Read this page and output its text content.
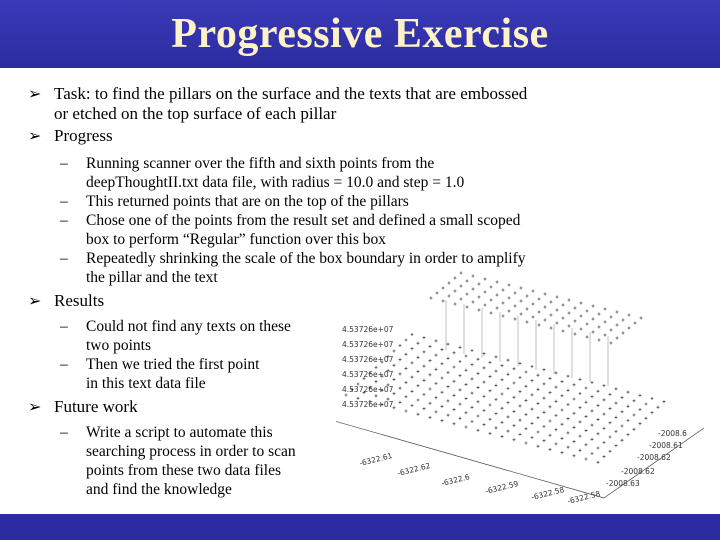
Progressive Exercise
➢ Task: to find the pillars on the surface and the texts that are embossed
or etched on the top surface of each pillar
➢ Progress
– Running scanner over the fifth and sixth points from the
deepThoughtII.txt data file, with radius = 10.0 and step = 1.0
– This returned points that are on the top of the pillars
– Chose one of the points from the result set and defined a small scoped
box to perform “Regular” function over this box
– Repeatedly shrinking the scale of the box boundary in order to amplify
the pillar and the text
➢ Results
– Could not find any texts on these
two points
– Then we tried the first point
in this text data file
➢ Future work
– Write a script to automate this
searching process in order to scan
points from these two data files
and find the knowledge
4.53726e+07
4.53726e+07
4.53726e+07
4.53726e+07
4.53726e+07
4.53726e+07
-2008.6
-2008.61
-2008.62
-2008.62
-2008.63
-6322.61
-6322.62
-6322.6 -6322.59 -6322.58 -6322.58
